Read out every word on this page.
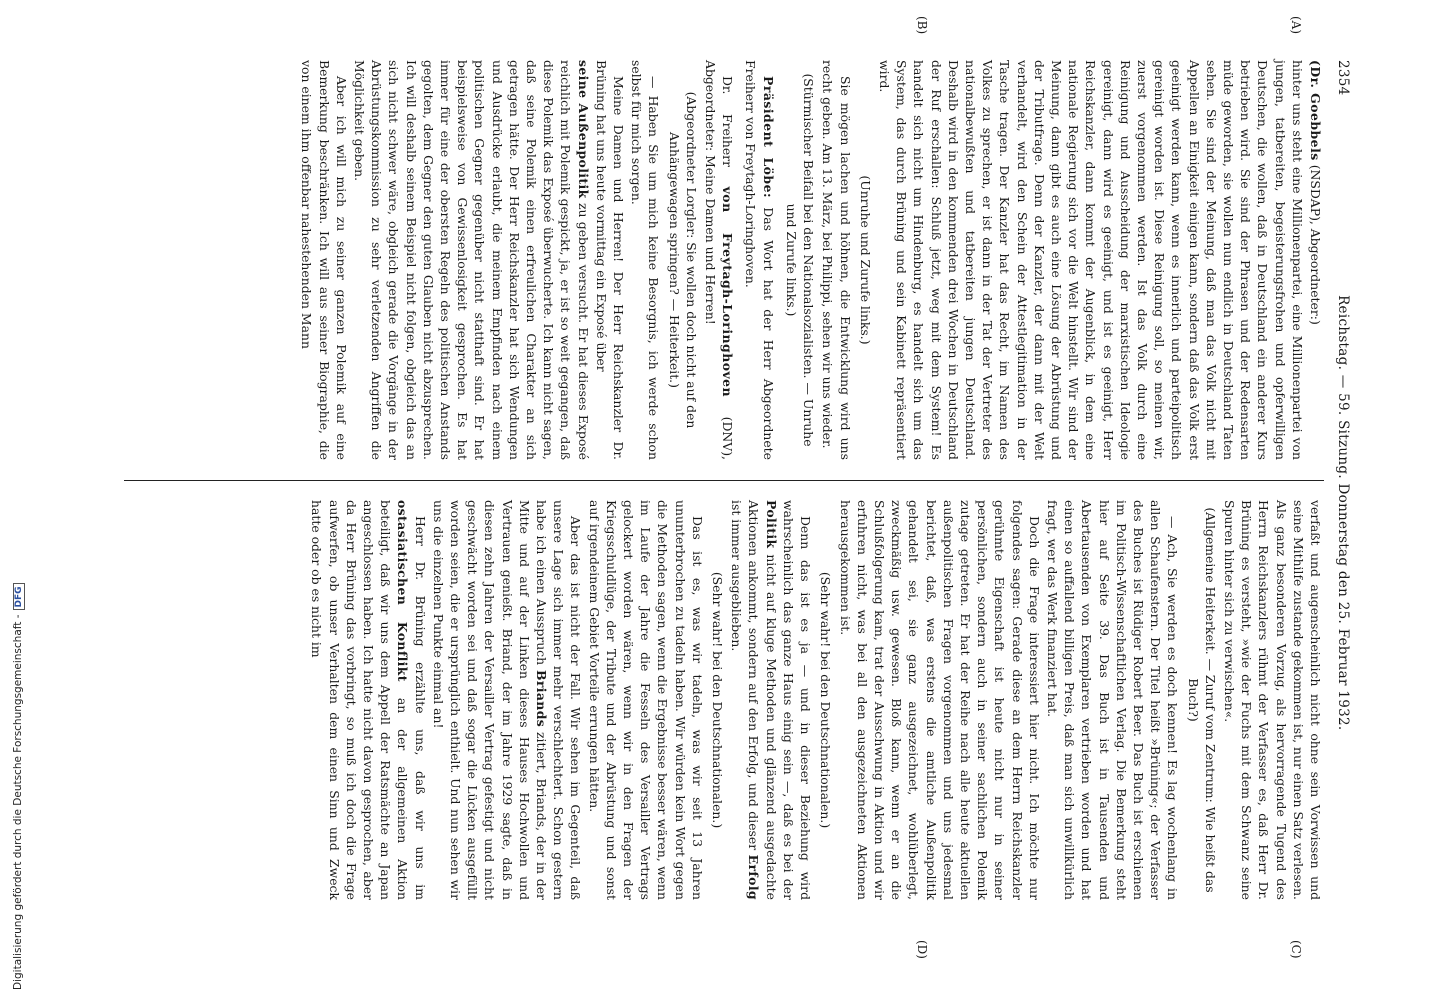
2354
Reichstag. — 59. Sitzung. Donnerstag den 25. Februar 1932.
(A)
(B)
(C)
(D)

(Dr. Goebbels (NSDAP), Abgeordneter:)

hinter uns steht eine Millionenpartei, eine Millionenpartei von jungen, tatbereiten, begeisterungsfrohen und opferwilligen Deutschen, die wollen, daß in Deutschland ein anderer Kurs betrieben wird. Sie sind der Phrasen und der Redensarten müde geworden, sie wollen nun endlich in Deutschland Taten sehen. Sie sind der Meinung, daß man das Volk nicht mit Appellen an Einigkeit einigen kann, sondern daß das Volk erst geeinigt werden kann, wenn es innerlich und parteipolitisch gereinigt worden ist. Diese Reinigung soll, so meinen wir, zuerst vorgenommen werden. Ist das Volk durch eine Reinigung und Ausscheidung der marxistischen Ideologie gereinigt, dann wird es geeinigt, und ist es geeinigt, Herr Reichskanzler, dann kommt der Augenblick, in dem eine nationale Regierung sich vor die Welt hinstellt. Wir sind der Meinung, dann gibt es auch eine Lösung der Abrüstung und der Tributfrage. Denn der Kanzler, der dann mit der Welt verhandelt, wird den Schein der Attestlegitimation in der Tasche tragen. Der Kanzler hat das Recht, im Namen des Volkes zu sprechen, er ist dann in der Tat der Vertreter des nationalbewußten und tatbereiten jungen Deutschland. Deshalb wird in den kommenden drei Wochen in Deutschland der Ruf erschallen: Schluß jetzt, weg mit dem System! Es handelt sich nicht um Hindenburg, es handelt sich um das System, das durch Brüning und sein Kabinett repräsentiert wird.

(Unruhe und Zurufe links.)

Sie mögen lachen und höhnen, die Entwicklung wird uns recht geben. Am 13. März, bei Philippi, sehen wir uns wieder.

(Stürmischer Beifall bei den Nationalsozialisten. — Unruhe und Zurufe links.)

Präsident Löbe: Das Wort hat der Herr Abgeordnete Freiherr von Freytagh-Loringhoven.

Dr. Freiherr von Freytagh-Loringhoven (DNV), Abgeordneter: Meine Damen und Herren!

(Abgeordneter Lorgler: Sie wollen doch nicht auf den Anhängewagen springen? — Heiterkeit.)

— Haben Sie um mich keine Besorgnis, ich werde schon selbst für mich sorgen.

Meine Damen und Herren! Der Herr Reichskanzler Dr. Brüning hat uns heute vormittag ein Exposé über

seine Außenpolitik zu geben versucht. Er hat dieses Exposé reichlich mit Polemik gespickt, ja, er ist so weit gegangen, daß diese Polemik das Exposé überwucherte. Ich kann nicht sagen, daß seine Polemik einen erfreulichen Charakter an sich getragen hätte. Der Herr Reichskanzler hat sich Wendungen und Ausdrücke erlaubt, die meinem Empfinden nach einem politischen Gegner gegenüber nicht statthaft sind. Er hat beispielsweise von Gewissenlosigkeit gesprochen. Es hat immer für eine der obersten Regeln des politischen Anstands gegolten, dem Gegner den guten Glauben nicht abzusprechen. Ich will deshalb seinem Beispiel nicht folgen, obgleich das an sich nicht schwer wäre, obgleich gerade die Vorgänge in der Abrüstungskommission zu sehr verletzenden Angriffen die Möglichkeit geben.

Aber ich will mich zu seiner ganzen Polemik auf eine Bemerkung beschränken. Ich will aus seiner Biographie, die von einem ihm offenbar nahestehenden Mann

verfaßt und augenscheinlich nicht ohne sein Vorwissen und seine Mithilfe zustande gekommen ist, nur einen Satz verlesen. Als ganz besonderen Vorzug, als hervorragende Tugend des Herrn Reichskanzlers rühmt der Verfasser es, daß Herr Dr. Brüning es versteht, »wie der Fuchs mit dem Schwanz seine Spuren hinter sich zu verwischen«.

(Allgemeine Heiterkeit. — Zuruf vom Zentrum: Wie heißt das Buch?)

— Ach, Sie werden es doch kennen! Es lag wochenlang in allen Schaufenstern. Der Titel heißt »Brüning«; der Verfasser des Buches ist Rüdiger Robert Beer. Das Buch ist erschienen im Politisch-Wissenschaftlichen Verlag. Die Bemerkung steht hier auf Seite 39. Das Buch ist in Tausenden und Abertausenden von Exemplaren vertrieben worden und hat einen so auffallend billigen Preis, daß man sich unwillkürlich fragt, wer das Werk finanziert hat.

Doch die Frage interessiert hier nicht. Ich möchte nur folgendes sagen: Gerade diese an dem Herrn Reichskanzler gerühmte Eigenschaft ist heute nicht nur in seiner persönlichen, sondern auch in seiner sachlichen Polemik zutage getreten. Er hat der Reihe nach alle heute aktuellen außenpolitischen Fragen vorgenommen und uns jedesmal berichtet, daß, was erstens die amtliche Außenpolitik gehandelt sei, sie ganz ausgezeichnet, wohlüberlegt, zweckmäßig usw. gewesen. Bloß kann, wenn er an die Schlußfolgerung kam, trat der Ausschwung in Aktion und wir erfuhren nicht, was bei all den ausgezeichneten Aktionen herausgekommen ist.

(Sehr wahr! bei den Deutschnationalen.)

Denn das ist es ja — und in dieser Beziehung wird wahrscheinlich das ganze Haus einig sein —, daß es bei der Politik nicht auf kluge Methoden und glänzend ausgedachte Aktionen ankommt, sondern auf den Erfolg, und dieser Erfolg ist immer ausgeblieben.

(Sehr wahr! bei den Deutschnationalen.)

Das ist es, was wir tadeln, was wir seit 13 Jahren ununterbrochen zu tadeln haben. Wir würden kein Wort gegen die Methoden sagen, wenn die Ergebnisse besser wären, wenn im Laufe der Jahre die Fesseln des Versailler Vertrags gelockert worden wären, wenn wir in den Fragen der Kriegsschuldlüge, der Tribute und der Abrüstung und sonst auf irgendeinem Gebiet Vorteile errungen hätten.

Aber das ist nicht der Fall. Wir sehen im Gegenteil, daß unsere Lage sich immer mehr verschlechtert. Schon gestern habe ich einen Ausspruch Briands zitiert, Briands, der in der Mitte und auf der Linken dieses Hauses Hochwollen und Vertrauen genießt. Briand, der im Jahre 1929 sagte, daß in diesen zehn Jahren der Versailler Vertrag gefestigt und nicht geschwächt worden sei und daß sogar die Lücken ausgefüllt worden seien, die er ursprünglich enthielt. Und nun sehen wir uns die einzelnen Punkte einmal an!

Herr Dr. Brüning erzählte uns, daß wir uns im ostasiatischen Konflikt an der allgemeinen Aktion beteiligt, daß wir uns dem Appell der Ratsmächte an Japan angeschlossen haben. Ich hatte nicht davon gesprochen, aber da Herr Brüning das vorbringt, so muß ich doch die Frage aufwerfen, ob unser Verhalten dem einen Sinn und Zweck hatte oder ob es nicht im

Digitalisierung gefördert durch die Deutsche Forschungsgemeinschaft -DFG
